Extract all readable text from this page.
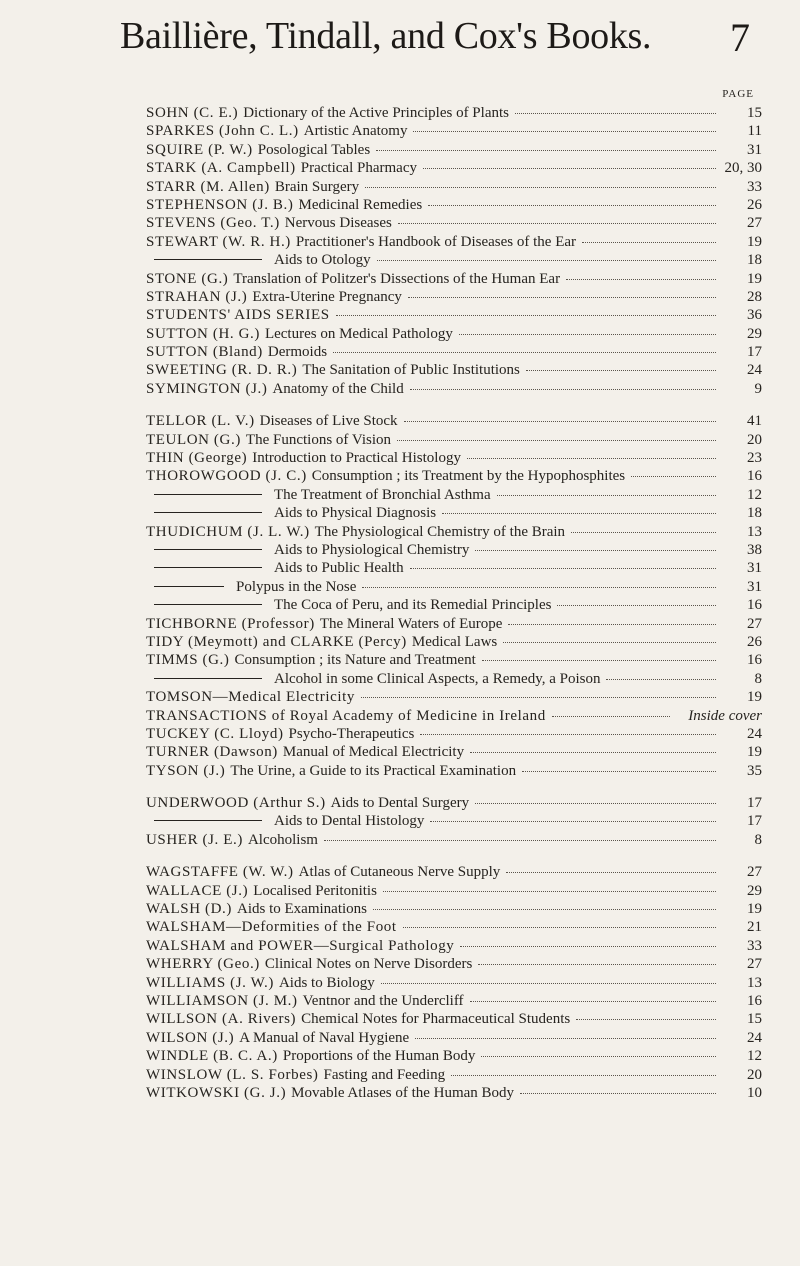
Baillière, Tindall, and Cox's Books. 7
PAGE
SOHN (C. E.) Dictionary of the Active Principles of Plants	15
SPARKES (John C. L.) Artistic Anatomy	11
SQUIRE (P. W.) Posological Tables	31
STARK (A. Campbell) Practical Pharmacy	20, 30
STARR (M. Allen) Brain Surgery	33
STEPHENSON (J. B.) Medicinal Remedies	26
STEVENS (Geo. T.) Nervous Diseases	27
STEWART (W. R. H.) Practitioner's Handbook of Diseases of the Ear	19
Aids to Otology	18
STONE (G.) Translation of Politzer's Dissections of the Human Ear	19
STRAHAN (J.) Extra-Uterine Pregnancy	28
STUDENTS' AIDS SERIES	36
SUTTON (H. G.) Lectures on Medical Pathology	29
SUTTON (Bland) Dermoids	17
SWEETING (R. D. R.) The Sanitation of Public Institutions	24
SYMINGTON (J.) Anatomy of the Child	9
TELLOR (L. V.) Diseases of Live Stock	41
TEULON (G.) The Functions of Vision	20
THIN (George) Introduction to Practical Histology	23
THOROWGOOD (J. C.) Consumption ; its Treatment by the Hypophosphites	16
The Treatment of Bronchial Asthma	12
Aids to Physical Diagnosis	18
THUDICHUM (J. L. W.) The Physiological Chemistry of the Brain	13
Aids to Physiological Chemistry	38
Aids to Public Health	31
Polypus in the Nose	31
The Coca of Peru, and its Remedial Principles	16
TICHBORNE (Professor) The Mineral Waters of Europe	27
TIDY (Meymott) and CLARKE (Percy) Medical Laws	26
TIMMS (G.) Consumption ; its Nature and Treatment	16
Alcohol in some Clinical Aspects, a Remedy, a Poison	8
TOMSON—Medical Electricity	19
TRANSACTIONS of Royal Academy of Medicine in Ireland	Inside cover
TUCKEY (C. Lloyd) Psycho-Therapeutics	24
TURNER (Dawson) Manual of Medical Electricity	19
TYSON (J.) The Urine, a Guide to its Practical Examination	35
UNDERWOOD (Arthur S.) Aids to Dental Surgery	17
Aids to Dental Histology	17
USHER (J. E.) Alcoholism	8
WAGSTAFFE (W. W.) Atlas of Cutaneous Nerve Supply	27
WALLACE (J.) Localised Peritonitis	29
WALSH (D.) Aids to Examinations	19
WALSHAM—Deformities of the Foot	21
WALSHAM and POWER—Surgical Pathology	33
WHERRY (Geo.) Clinical Notes on Nerve Disorders	27
WILLIAMS (J. W.) Aids to Biology	13
WILLIAMSON (J. M.) Ventnor and the Undercliff	16
WILLSON (A. Rivers) Chemical Notes for Pharmaceutical Students	15
WILSON (J.) A Manual of Naval Hygiene	24
WINDLE (B. C. A.) Proportions of the Human Body	12
WINSLOW (L. S. Forbes) Fasting and Feeding	20
WITKOWSKI (G. J.) Movable Atlases of the Human Body	10
